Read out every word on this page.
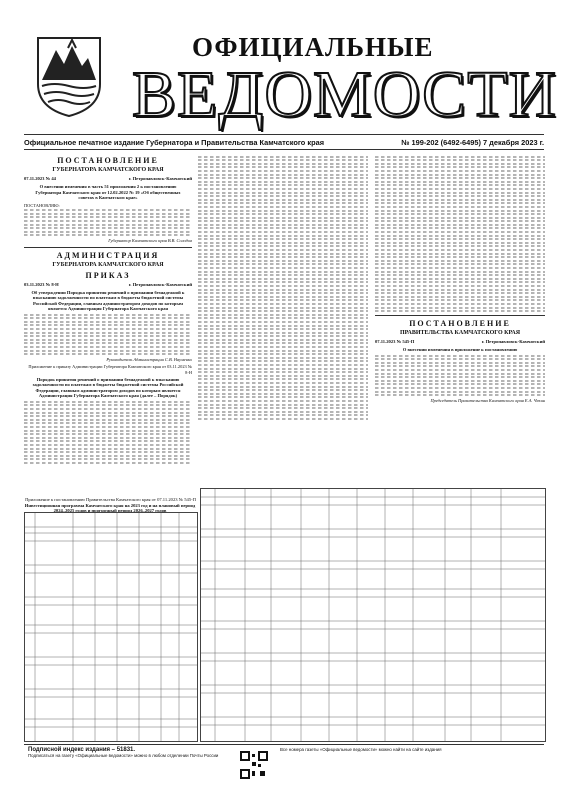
ОФИЦИАЛЬНЫЕ
ВЕДОМОСТИ
Официальное печатное издание Губернатора и Правительства Камчатского края	№ 199-202 (6492-6495) 7 декабря 2023 г.
ПОСТАНОВЛЕНИЕ
ГУБЕРНАТОРА КАМЧАТСКОГО КРАЯ
07.11.2023 № 44	г. Петропавловск-Камчатский
О внесении изменения в часть 51 приложения 2 к постановлению Губернатора Камчатского края от 12.02.2022 № 19 «Об общественных советах в Камчатском крае»
ПОСТАНОВЛЯЮ:
Губернатор Камчатского края В.В. Солодов
АДМИНИСТРАЦИЯ
ГУБЕРНАТОРА КАМЧАТСКОГО КРАЯ
ПРИКАЗ
03.11.2023 № 8-Н	г. Петропавловск-Камчатский
Об утверждении Порядка принятия решений о признании безнадежной к взысканию задолженности по платежам в бюджеты бюджетной системы Российской Федерации, главным администратором доходов по которым является Администрация Губернатора Камчатского края
Руководитель Администрации С.В. Науменко
Приложение к приказу Администрации Губернатора Камчатского края от 03.11.2023 № 8-Н
Порядок принятия решений о признании безнадежной к взысканию задолженности по платежам в бюджеты бюджетной системы Российской Федерации, главным администратором доходов по которым является Администрация Губернатора Камчатского края (далее – Порядок)
ПОСТАНОВЛЕНИЕ
ПРАВИТЕЛЬСТВА КАМЧАТСКОГО КРАЯ
07.11.2023 № 545-П	г. Петропавловск-Камчатский
О внесении изменения в приложение к постановлению
Председатель Правительства Камчатского края Е.А. Чекин
Приложение к постановлению Правительства Камчатского края от 07.11.2023 № 545-П
Инвестиционная программа Камчатского края на 2023 год и на плановый период 2024–2025 годов и прогнозный период 2026–2027 годов
Подписной индекс издания – 51831.
Подписаться на газету «Официальные ведомости» можно в любом отделении Почты России
Все номера газеты «Официальные ведомости» можно найти на сайте издания
